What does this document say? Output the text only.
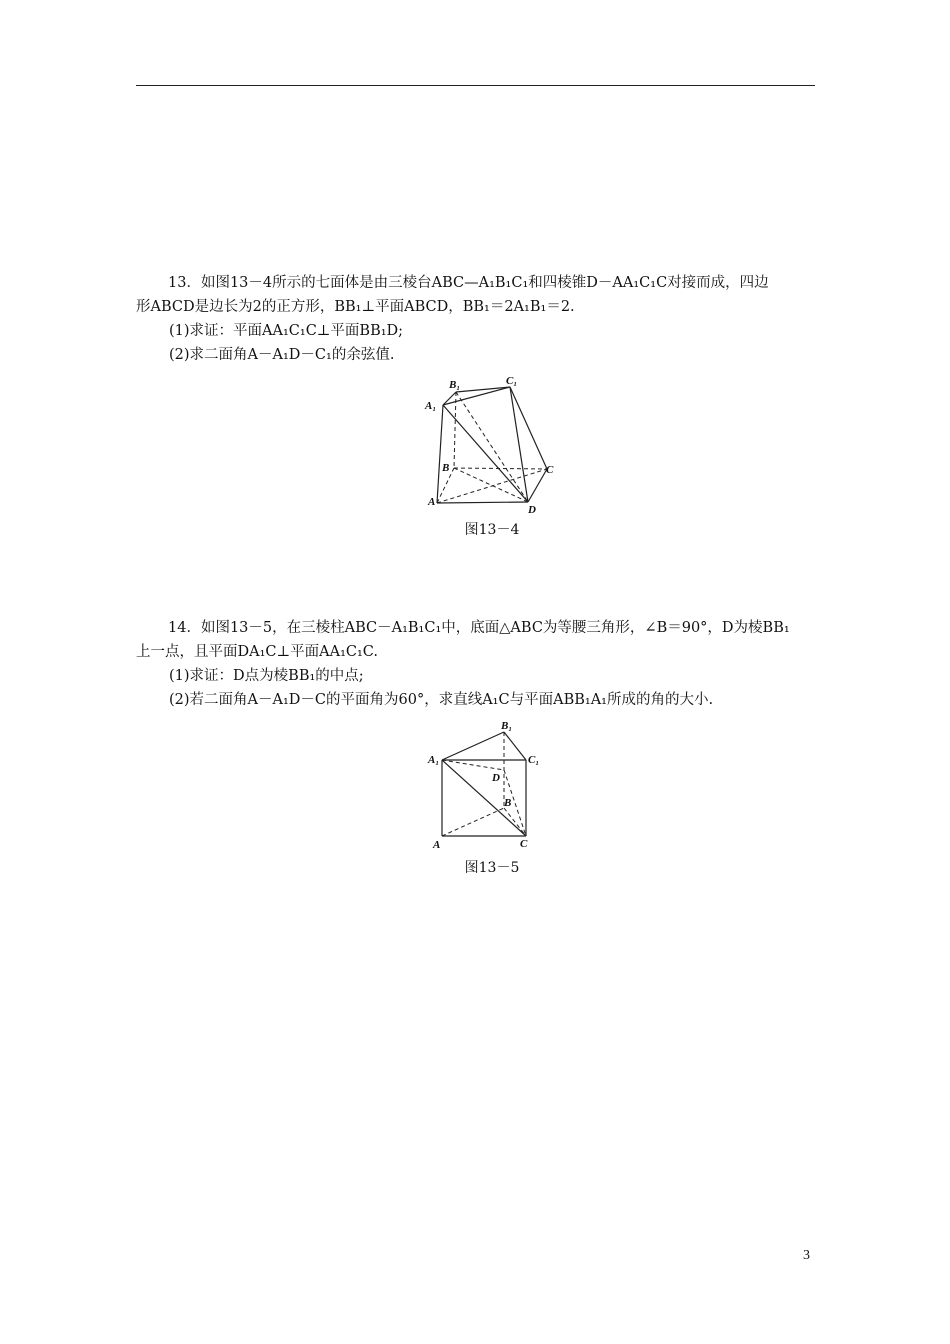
13．如图13－4所示的七面体是由三棱台ABC—A₁B₁C₁和四棱锥D－AA₁C₁C对接而成，四边
形ABCD是边长为2的正方形，BB₁⊥平面ABCD，BB₁＝2A₁B₁＝2.
(1)求证：平面AA₁C₁C⊥平面BB₁D;
(2)求二面角A－A₁D－C₁的余弦值.
A₁
B₁	C₁
B	C
A
D
图13－4
14．如图13－5，在三棱柱ABC－A₁B₁C₁中，底面△ABC为等腰三角形，∠B＝90°，D为棱BB₁
上一点，且平面DA₁C⊥平面AA₁C₁C.
(1)求证：D点为棱BB₁的中点;
(2)若二面角A－A₁D－C的平面角为60°，求直线A₁C与平面ABB₁A₁所成的角的大小.
A₁
B₁
C₁
D
B
A	C
图13－5
3
